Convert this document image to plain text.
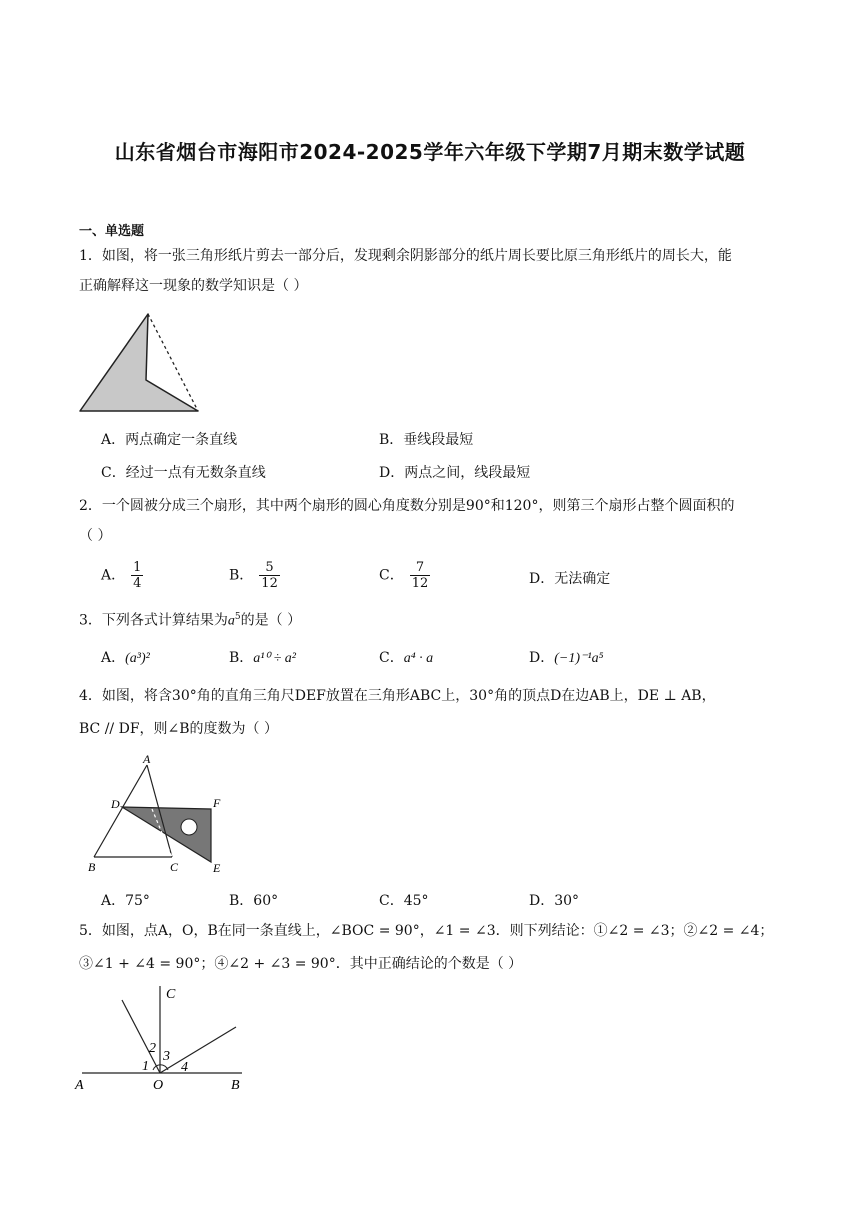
山东省烟台市海阳市2024-2025学年六年级下学期7月期末数学试题
一、单选题
1．如图，将一张三角形纸片剪去一部分后，发现剩余阴影部分的纸片周长要比原三角形纸片的周长大，能
正确解释这一现象的数学知识是（ ）
A．两点确定一条直线	B．垂线段最短
C．经过一点有无数条直线	D．两点之间，线段最短
2．一个圆被分成三个扇形，其中两个扇形的圆心角度数分别是90°和120°，则第三个扇形占整个圆面积的
（ ）
A． $\frac{1}{4}$	B． $\frac{5}{12}$	C． $\frac{7}{12}$	D．无法确定
3．下列各式计算结果为$a^5$的是（ ）
A．(a³)²	B．a¹⁰ ÷ a²	C．a⁴ · a	D．(−1)⁻¹a⁵
4．如图，将含30°角的直角三角尺DEF放置在三角形ABC上，30°角的顶点D在边AB上，DE ⊥ AB，
BC // DF，则∠B的度数为（ ）
A
D	F
B	C	E
A．75°	B．60°	C．45°	D．30°
5．如图，点A，O，B在同一条直线上，∠BOC = 90°，∠1 = ∠3．则下列结论：①∠2 = ∠3；②∠2 = ∠4；
③∠1 + ∠4 = 90°；④∠2 + ∠3 = 90°．其中正确结论的个数是（ ）
C
A	O	B
1
2
3
4
